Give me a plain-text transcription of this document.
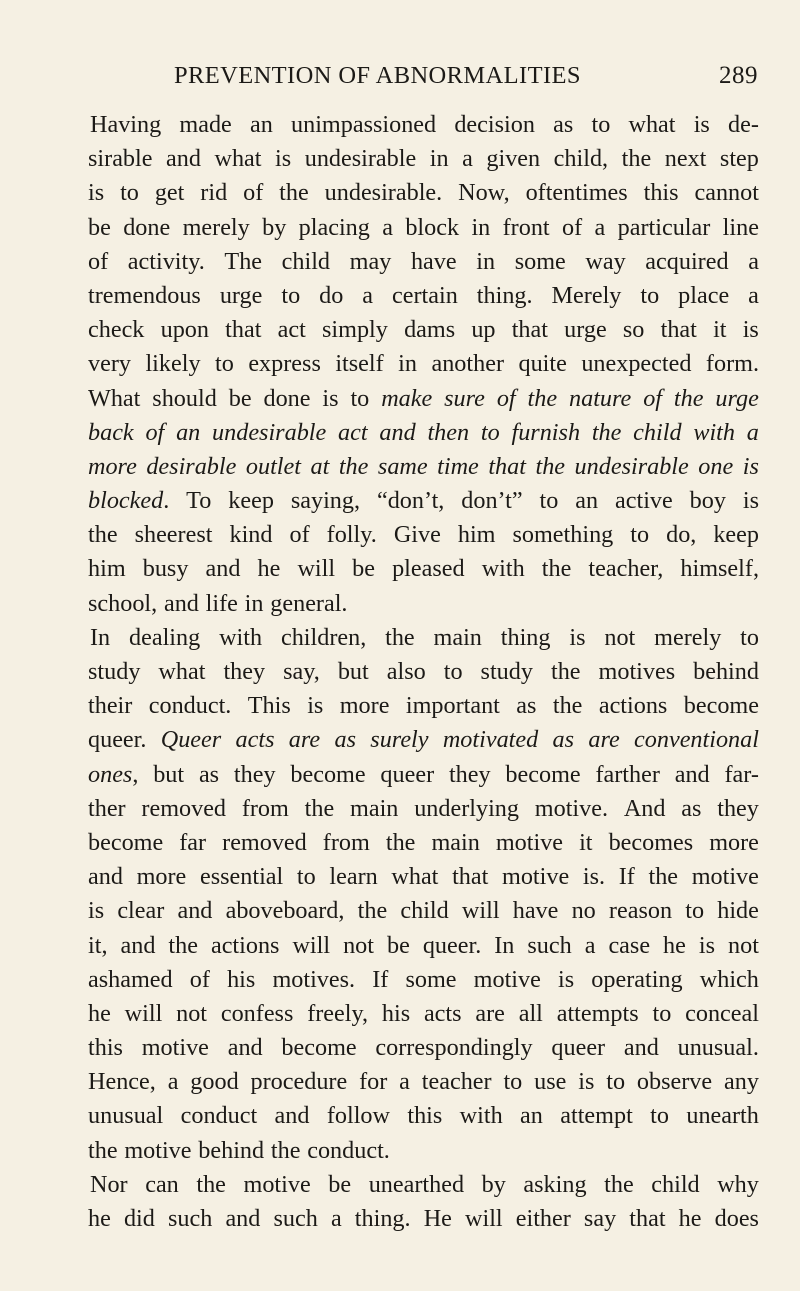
PREVENTION OF ABNORMALITIES	289
Having made an unimpassioned decision as to what is de-
sirable and what is undesirable in a given child, the next step
is to get rid of the undesirable. Now, oftentimes this cannot
be done merely by placing a block in front of a particular line
of activity. The child may have in some way acquired a
tremendous urge to do a certain thing. Merely to place a
check upon that act simply dams up that urge so that it is
very likely to express itself in another quite unexpected form.
What should be done is to make sure of the nature of the urge
back of an undesirable act and then to furnish the child with a
more desirable outlet at the same time that the undesirable one is
blocked. To keep saying, “don’t, don’t” to an active boy is
the sheerest kind of folly. Give him something to do, keep
him busy and he will be pleased with the teacher, himself,
school, and life in general.
In dealing with children, the main thing is not merely to
study what they say, but also to study the motives behind
their conduct. This is more important as the actions become
queer. Queer acts are as surely motivated as are conventional
ones, but as they become queer they become farther and far-
ther removed from the main underlying motive. And as they
become far removed from the main motive it becomes more
and more essential to learn what that motive is. If the motive
is clear and aboveboard, the child will have no reason to hide
it, and the actions will not be queer. In such a case he is not
ashamed of his motives. If some motive is operating which
he will not confess freely, his acts are all attempts to conceal
this motive and become correspondingly queer and unusual.
Hence, a good procedure for a teacher to use is to observe any
unusual conduct and follow this with an attempt to unearth
the motive behind the conduct.
Nor can the motive be unearthed by asking the child why
he did such and such a thing. He will either say that he does
